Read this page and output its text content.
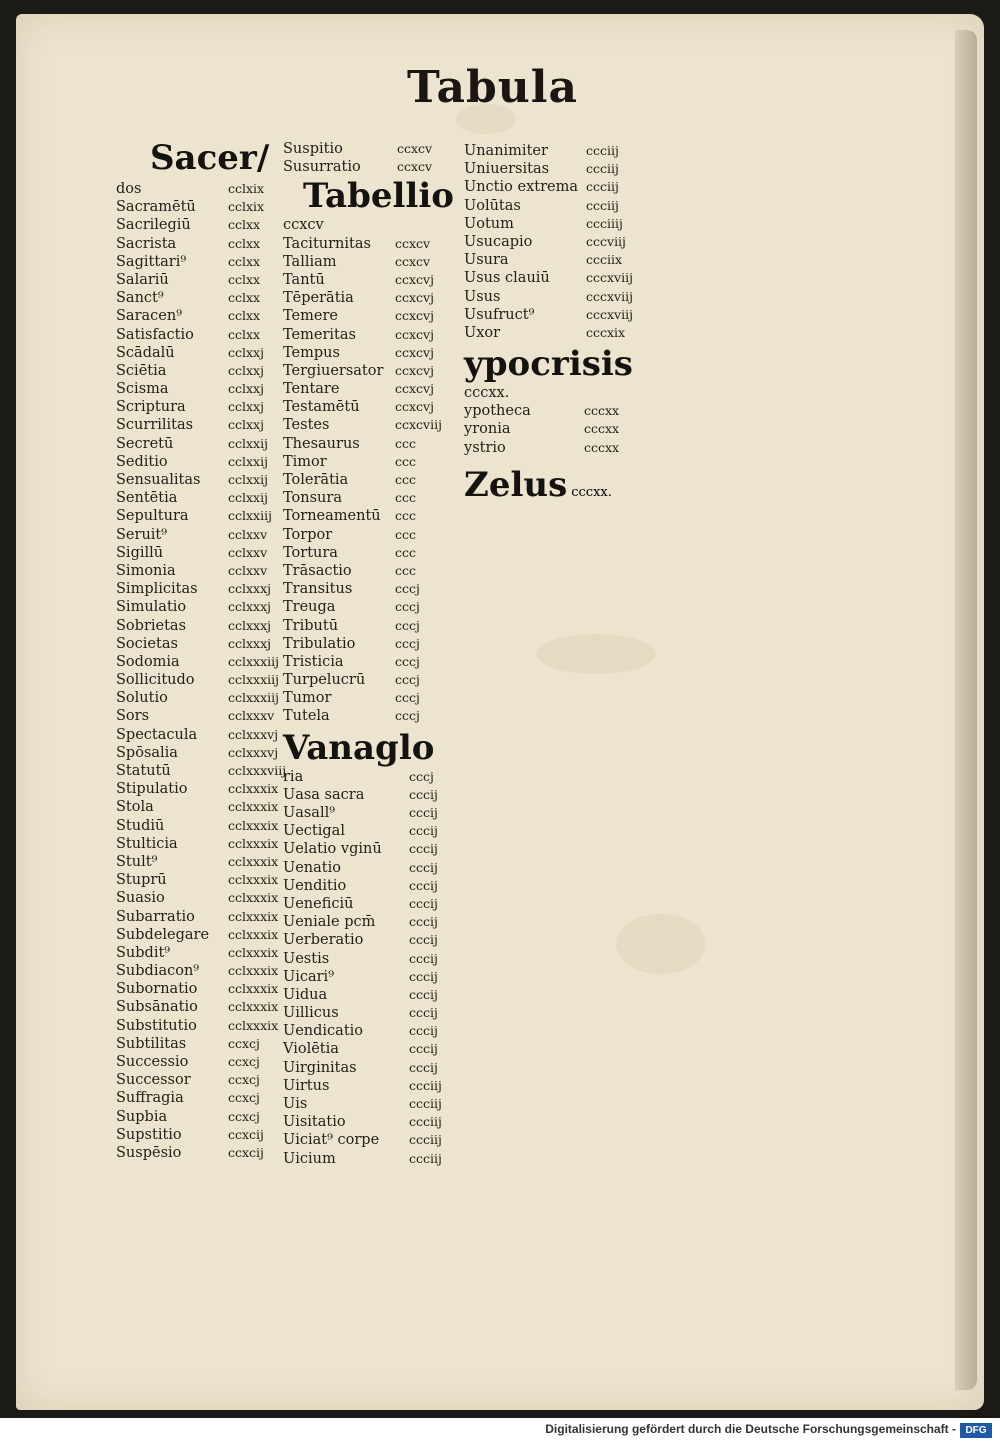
Tabula
Sacer/
dos	cclxix
Sacramētū	cclxix
Sacrilegiū	cclxx
Sacrista	cclxx
Sagittari⁹	cclxx
Salariū	cclxx
Sanct⁹	cclxx
Saracen⁹	cclxx
Satisfactio	cclxx
Scādalū	cclxxj
Sciētia	cclxxj
Scisma	cclxxj
Scriptura	cclxxj
Scurrilitas	cclxxj
Secretū	cclxxij
Seditio	cclxxij
Sensualitas cclxxij
Sentētia	cclxxij
Sepultura	cclxxiij
Seruit⁹	cclxxv
Sigillū	cclxxv
Simonia	cclxxv
Simplicitas cclxxxj
Simulatio	cclxxxj
Sobrietas	cclxxxj
Societas	cclxxxj
Sodomia	cclxxxiij
Sollicitudo	cclxxxiij
Solutio	cclxxxiij
Sors	cclxxxv
Spectacula cclxxxvj
Spōsalia	cclxxxvj
Statutū	cclxxxviij
Stipulatio	cclxxxix
Stola	cclxxxix
Studiū	cclxxxix
Stulticia	cclxxxix
Stult⁹	cclxxxix
Stuprū	cclxxxix
Suasio	cclxxxix
Subarratio	cclxxxix
Subdelegare cclxxxix
Subdit⁹	cclxxxix
Subdiacon⁹ cclxxxix
Subornatio cclxxxix
Subsānatio cclxxxix
Substitutio cclxxxix
Subtilitas	ccxcj
Successio	ccxcj
Successor	ccxcj
Suffragia	ccxcj
Supbia	ccxcj
Supstitio	ccxcij
Suspēsio	ccxcij
Suspitio	ccxcv
Susurratio	ccxcv
Tabellio
ccxcv
Taciturnitas ccxcv
Talliam	ccxcv
Tantū	ccxcvj
Tēperātia	ccxcvj
Temere	ccxcvj
Temeritas	ccxcvj
Tempus	ccxcvj
Tergiuersator ccxcvj
Tentare	ccxcvj
Testamētū	ccxcvj
Testes	ccxcviij
Thesaurus	ccc
Timor	ccc
Tolerātia	ccc
Tonsura	ccc
Torneamentū ccc
Torpor	ccc
Tortura	ccc
Trāsactio	ccc
Transitus	cccj
Treuga	cccj
Tributū	cccj
Tribulatio	cccj
Tristicia	cccj
Turpelucrū cccj
Tumor	cccj
Tutela	cccj
Vanaglo
ria	cccj
Uasa sacra	cccij
Uasall⁹	cccij
Uectigal	cccij
Uelatio vginū cccij
Uenatio	cccij
Uenditio	cccij
Ueneficiū	cccij
Ueniale pcm̄	cccij
Uerberatio	cccij
Uestis	cccij
Uicari⁹	cccij
Uidua	cccij
Uillicus	cccij
Uendicatio	cccij
Violētia	cccij
Uirginitas	cccij
Uirtus	ccciij
Uis	ccciij
Uisitatio	ccciij
Uiciat⁹ corpe ccciij
Uicium	ccciij
Unanimiter	ccciij
Uniuersitas	ccciij
Unctio extrema ccciij
Uolūtas	ccciij
Uotum	ccciiij
Usucapio	cccviij
Usura	ccciix
Usus clauiū	cccxviij
Usus	cccxviij
Usufruct⁹	cccxviij
Uxor	cccxix
ypocrisis
cccxx.
ypotheca	cccxx
yronia	cccxx
ystrio	cccxx
Zelus cccxx.
Digitalisierung gefördert durch die Deutsche Forschungsgemeinschaft - DFG
